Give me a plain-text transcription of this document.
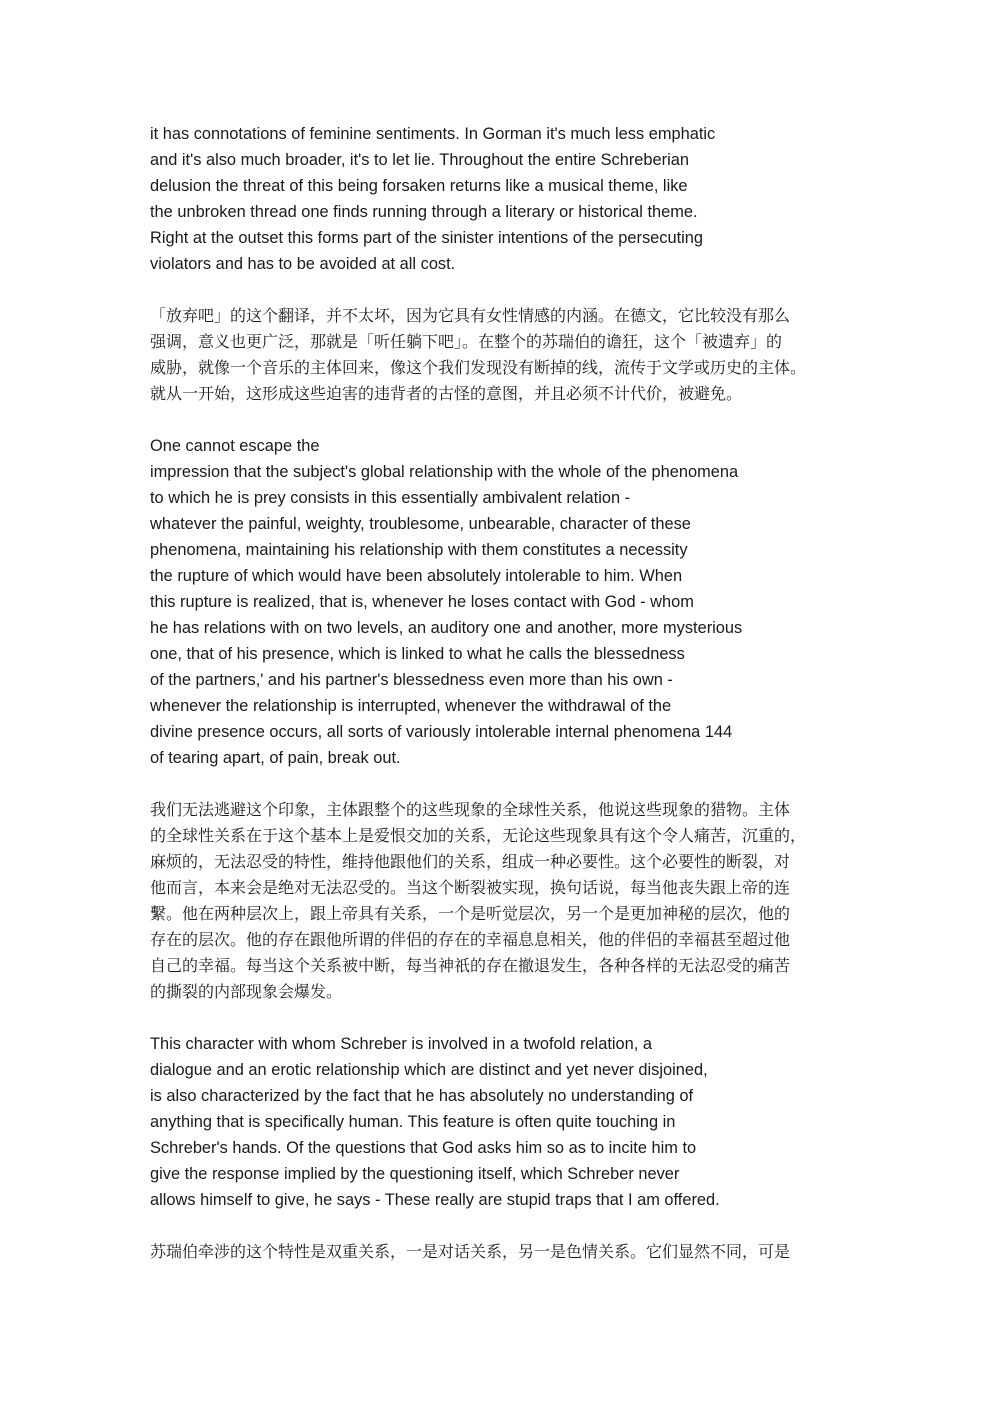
it has connotations of feminine sentiments. In Gorman it's much less emphatic
and it's also much broader, it's to let lie. Throughout the entire Schreberian
delusion the threat of this being forsaken returns like a musical theme, like
the unbroken thread one finds running through a literary or historical theme.
Right at the outset this forms part of the sinister intentions of the persecuting
violators and has to be avoided at all cost.

「放弃吧」的这个翻译，并不太坏，因为它具有女性情感的内涵。在德文，它比较没有那么
强调，意义也更广泛，那就是「听任躺下吧」。在整个的苏瑞伯的谵狂，这个「被遗弃」的
威胁，就像一个音乐的主体回来，像这个我们发现没有断掉的线，流传于文学或历史的主体。
就从一开始，这形成这些迫害的违背者的古怪的意图，并且必须不计代价，被避免。

One cannot escape the
impression that the subject's global relationship with the whole of the phenomena
to which he is prey consists in this essentially ambivalent relation -
whatever the painful, weighty, troublesome, unbearable, character of these
phenomena, maintaining his relationship with them constitutes a necessity
the rupture of which would have been absolutely intolerable to him. When
this rupture is realized, that is, whenever he loses contact with God - whom
he has relations with on two levels, an auditory one and another, more mysterious
one, that of his presence, which is linked to what he calls the blessedness
of the partners,' and his partner's blessedness even more than his own -
whenever the relationship is interrupted, whenever the withdrawal of the
divine presence occurs, all sorts of variously intolerable internal phenomena 144
of tearing apart, of pain, break out.

我们无法逃避这个印象，主体跟整个的这些现象的全球性关系，他说这些现象的猎物。主体
的全球性关系在于这个基本上是爱恨交加的关系，无论这些现象具有这个令人痛苦，沉重的，
麻烦的，无法忍受的特性，维持他跟他们的关系，组成一种必要性。这个必要性的断裂，对
他而言，本来会是绝对无法忍受的。当这个断裂被实现，换句话说，每当他丧失跟上帝的连
繫。他在两种层次上，跟上帝具有关系，一个是听觉层次，另一个是更加神秘的层次，他的
存在的层次。他的存在跟他所谓的伴侣的存在的幸福息息相关，他的伴侣的幸福甚至超过他
自己的幸福。每当这个关系被中断，每当神祇的存在撤退发生，各种各样的无法忍受的痛苦
的撕裂的内部现象会爆发。

This character with whom Schreber is involved in a twofold relation, a
dialogue and an erotic relationship which are distinct and yet never disjoined,
is also characterized by the fact that he has absolutely no understanding of
anything that is specifically human. This feature is often quite touching in
Schreber's hands. Of the questions that God asks him so as to incite him to
give the response implied by the questioning itself, which Schreber never
allows himself to give, he says - These really are stupid traps that I am offered.

苏瑞伯牵涉的这个特性是双重关系，一是对话关系，另一是色情关系。它们显然不同，可是
